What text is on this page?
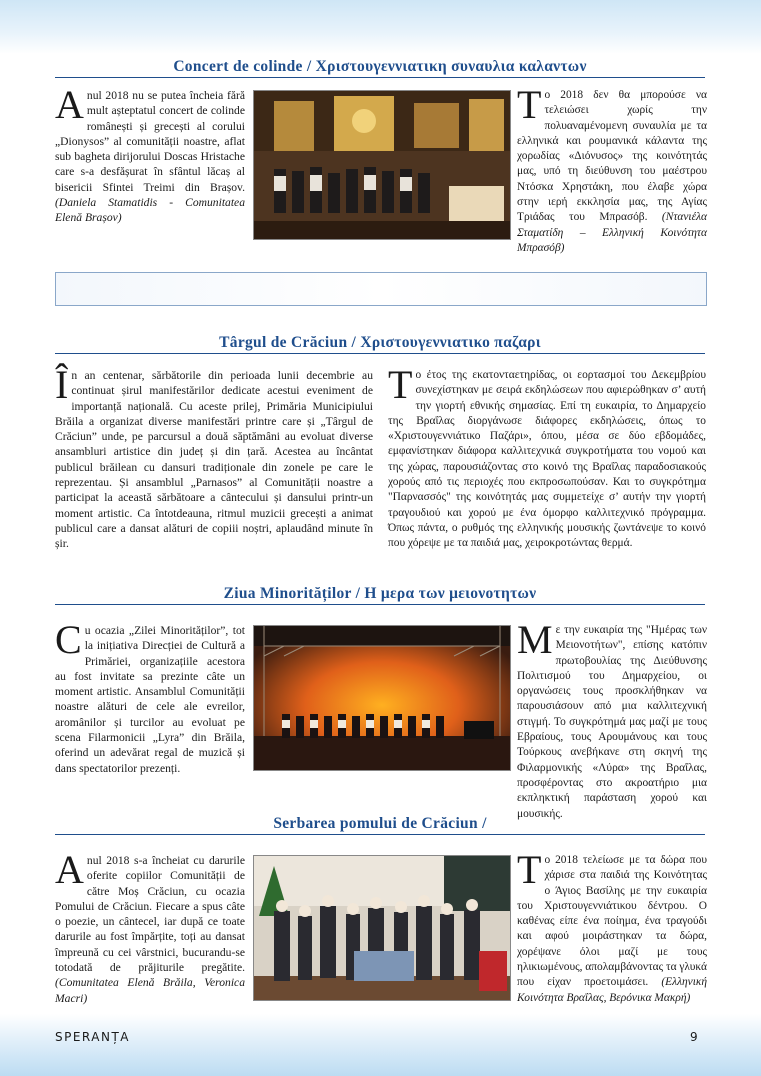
Concert de colinde / Χριστουγεννιατικη συναυλια καλαντων
Anul 2018 nu se putea încheia fără mult așteptatul concert de colinde românești și grecești al corului „Dionysos” al comunității noastre, aflat sub bagheta dirijorului Doscas Hristache care s-a desfășurat în sfântul lăcaș al bisericii Sfintei Treimi din Brașov. (Daniela Stamatidis - Comunitatea Elenă Brașov)
Το 2018 δεν θα μπορούσε να τελειώσει χωρίς την πολυαναμένομενη συναυλία με τα ελληνικά και ρουμανικά κάλαντα της χορωδίας «Διόνυσος» της κοινότητάς μας, υπό τη διεύθυνση του μαέστρου Ντόσκα Χρηστάκη, που έλαβε χώρα στην ιερή εκκλησία μας, της Αγίας Τριάδας του Μπρασόβ. (Ντανιέλα Σταματίδη – Ελληνική Κοινότητα Μπρασόβ)
Târgul de Crăciun / Χριστουγεννιατικο παζαρι
În an centenar, sărbătorile din perioada lunii decembrie au continuat șirul manifestărilor dedicate acestui eveniment de importanță națională. Cu aceste prilej, Primăria Municipiului Brăila a organizat diverse manifestări printre care și „Târgul de Crăciun” unde, pe parcursul a două săptămâni au evoluat diverse ansambluri artistice din județ și din țară. Acestea au încântat publicul brăilean cu dansuri tradiționale din zonele pe care le reprezentau. Și ansamblul „Parnasos” al Comunității noastre a participat la această sărbătoare a cântecului și dansului printr-un moment artistic. Ca întotdeauna, ritmul muzicii grecești a animat publicul care a dansat alături de copiii noștri, aplaudând minute în șir.
Το έτος της εκατονταετηρίδας, οι εορτασμοί του Δεκεμβρίου συνεχίστηκαν με σειρά εκδηλώσεων που αφιερώθηκαν σ’ αυτή την γιορτή εθνικής σημασίας. Επί τη ευκαιρία, το Δημαρχείο της Βραΐλας διοργάνωσε διάφορες εκδηλώσεις, όπως το «Χριστουγεννιάτικο Παζάρι», όπου, μέσα σε δύο εβδομάδες, εμφανίστηκαν διάφορα καλλιτεχνικά συγκροτήματα του νομού και της χώρας, παρουσιάζοντας στο κοινό της Βραΐλας παραδοσιακούς χορούς από τις περιοχές που εκπροσωπούσαν. Και το συγκρότημα "Παρνασσός" της κοινότητάς μας συμμετείχε σ’ αυτήν την γιορτή τραγουδιού και χορού με ένα όμορφο καλλιτεχνικό πρόγραμμα. Όπως πάντα, ο ρυθμός της ελληνικής μουσικής ζωντάνεψε το κοινό που χόρεψε με τα παιδιά μας, χειροκροτώντας θερμά.
Ziua Minorităților / Η μερα των μειονοτητων
Cu ocazia „Zilei Minorităților”, tot la inițiativa Direcției de Cultură a Primăriei, organizațiile acestora au fost invitate sa prezinte câte un moment artistic. Ansamblul Comunității noastre alături de cele ale evreilor, aromânilor și turcilor au evoluat pe scena Filarmonicii „Lyra” din Brăila, oferind un adevărat regal de muzică și dans spectatorilor prezenți.
Με την ευκαιρία της "Ημέρας των Μειονοτήτων", επίσης κατόπιν πρωτοβουλίας της Διεύθυνσης Πολιτισμού του Δημαρχείου, οι οργανώσεις τους προσκλήθηκαν να παρουσιάσουν από μια καλλιτεχνική στιγμή. Το συγκρότημά μας μαζί με τους Εβραίους, τους Αρουμάνους και τους Τούρκους ανεβήκανε στη σκηνή της Φιλαρμονικής «Λύρα» της Βραΐλας, προσφέροντας στο ακροατήριο μια εκπληκτική παράσταση χορού και μουσικής.
Serbarea pomului de Crăciun /
Anul 2018 s-a încheiat cu darurile oferite copiilor Comunității de către Moș Crăciun, cu ocazia Pomului de Crăciun. Fiecare a spus câte o poezie, un cântecel, iar după ce toate darurile au fost împărțite, toți au dansat împreună cu cei vârstnici, bucurandu-se totodată de prăjiturile pregătite. (Comunitatea Elenă Brăila, Veronica Macri)
Το 2018 τελείωσε με τα δώρα που χάρισε στα παιδιά της Κοινότητας ο Άγιος Βασίλης με την ευκαιρία του Χριστουγεννιάτικου δέντρου. Ο καθένας είπε ένα ποίημα, ένα τραγούδι και αφού μοιράστηκαν τα δώρα, χορέψανε όλοι μαζί με τους ηλικιωμένους, απολαμβάνοντας τα γλυκά που είχαν προετοιμάσει. (Ελληνική Κοινότητα Βραΐλας, Βερόνικα Μακρή)
SPERANȚA	9
